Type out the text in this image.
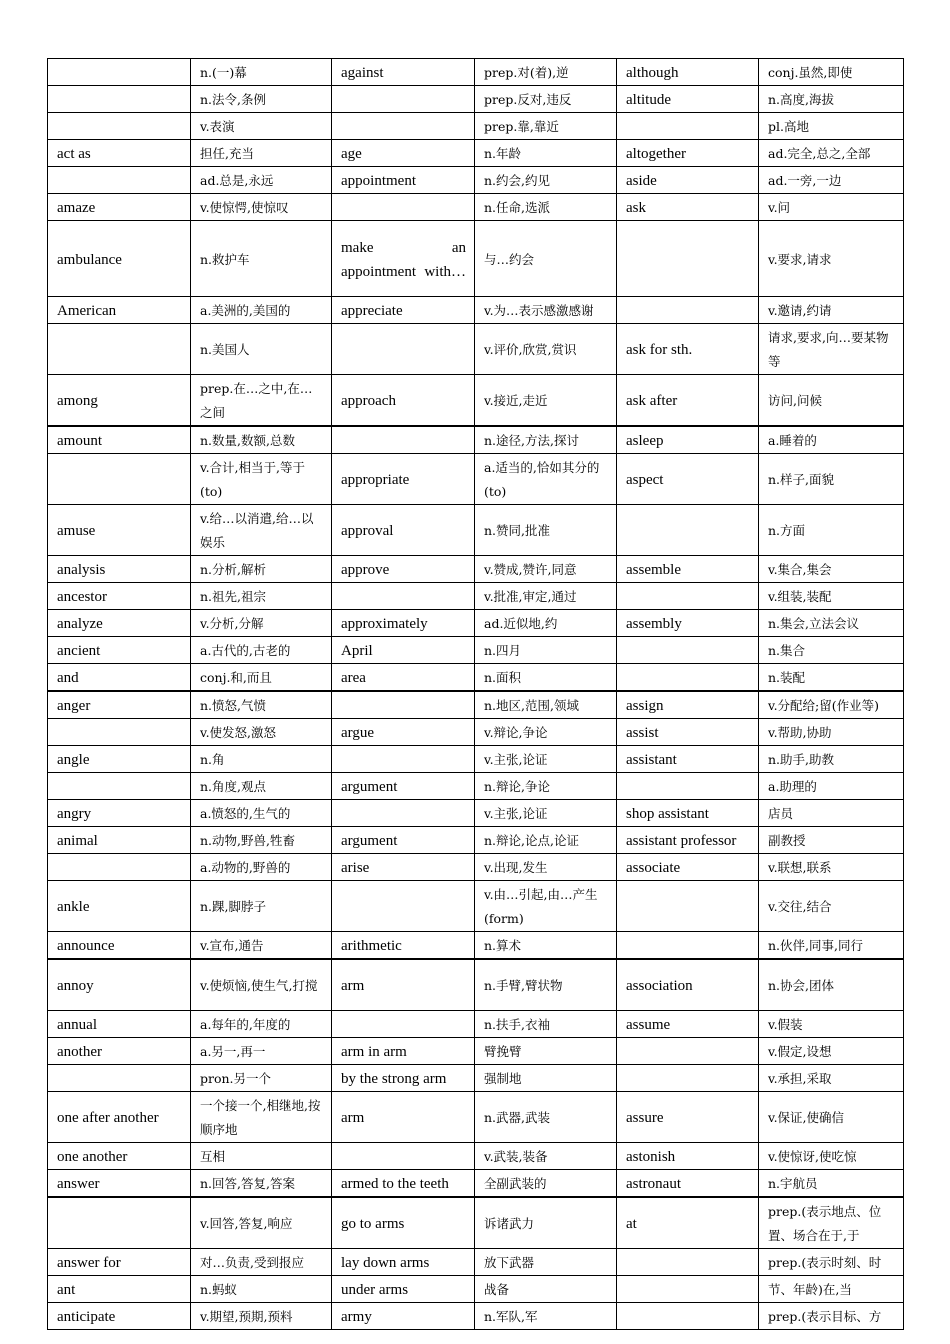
	n.(一)幕	against	prep.对(着),逆	although	conj.虽然,即使
	n.法令,条例		prep.反对,违反	altitude	n.高度,海拔
	v.表演		prep.靠,靠近		pl.高地
act as	担任,充当	age	n.年龄	altogether	ad.完全,总之,全部
	ad.总是,永远	appointment	n.约会,约见	aside	ad.一旁,一边
amaze	v.使惊愕,使惊叹		n.任命,选派	ask	v.问
ambulance	n.救护车	make an appointment with…	与…约会		v.要求,请求
American	a.美洲的,美国的	appreciate	v.为…表示感激感谢		v.邀请,约请
	n.美国人		v.评价,欣赏,赏识	ask for sth.	请求,要求,向…要某物等
among	prep.在…之中,在…之间	approach	v.接近,走近	ask after	访问,问候
amount	n.数量,数额,总数		n.途径,方法,探讨	asleep	a.睡着的
	v.合计,相当于,等于(to)	appropriate	a.适当的,恰如其分的(to)	aspect	n.样子,面貌
amuse	v.给…以消遣,给…以娱乐	approval	n.赞同,批准		n.方面
analysis	n.分析,解析	approve	v.赞成,赞许,同意	assemble	v.集合,集会
ancestor	n.祖先,祖宗		v.批准,审定,通过		v.组装,装配
analyze	v.分析,分解	approximately	ad.近似地,约	assembly	n.集会,立法会议
ancient	a.古代的,古老的	April	n.四月		n.集合
and	conj.和,而且	area	n.面积		n.装配
anger	n.愤怒,气愤		n.地区,范围,领域	assign	v.分配给;留(作业等)
	v.使发怒,激怒	argue	v.辩论,争论	assist	v.帮助,协助
angle	n.角		v.主张,论证	assistant	n.助手,助教
	n.角度,观点	argument	n.辩论,争论		a.助理的
angry	a.愤怒的,生气的		v.主张,论证	shop assistant	店员
animal	n.动物,野兽,牲畜	argument	n.辩论,论点,论证	assistant professor	副教授
	a.动物的,野兽的	arise	v.出现,发生	associate	v.联想,联系
ankle	n.踝,脚脖子		v.由…引起,由…产生(form)		v.交往,结合
announce	v.宣布,通告	arithmetic	n.算术		n.伙伴,同事,同行
annoy	v.使烦恼,使生气,打搅	arm	n.手臂,臂状物	association	n.协会,团体
annual	a.每年的,年度的		n.扶手,衣袖	assume	v.假装
another	a.另一,再一	arm in arm	臂挽臂		v.假定,设想
	pron.另一个	by the strong arm	强制地		v.承担,采取
one after another	一个接一个,相继地,按顺序地	arm	n.武器,武装	assure	v.保证,使确信
one another	互相		v.武装,装备	astonish	v.使惊讶,使吃惊
answer	n.回答,答复,答案	armed to the teeth	全副武装的	astronaut	n.宇航员
	v.回答,答复,响应	go to arms	诉诸武力	at	prep.(表示地点、位置、场合在于,于
answer for	对…负责,受到报应	lay down arms	放下武器		prep.(表示时刻、时
ant	n.蚂蚁	under arms	战备		节、年龄)在,当
anticipate	v.期望,预期,预料	army	n.军队,军		prep.(表示目标、方
